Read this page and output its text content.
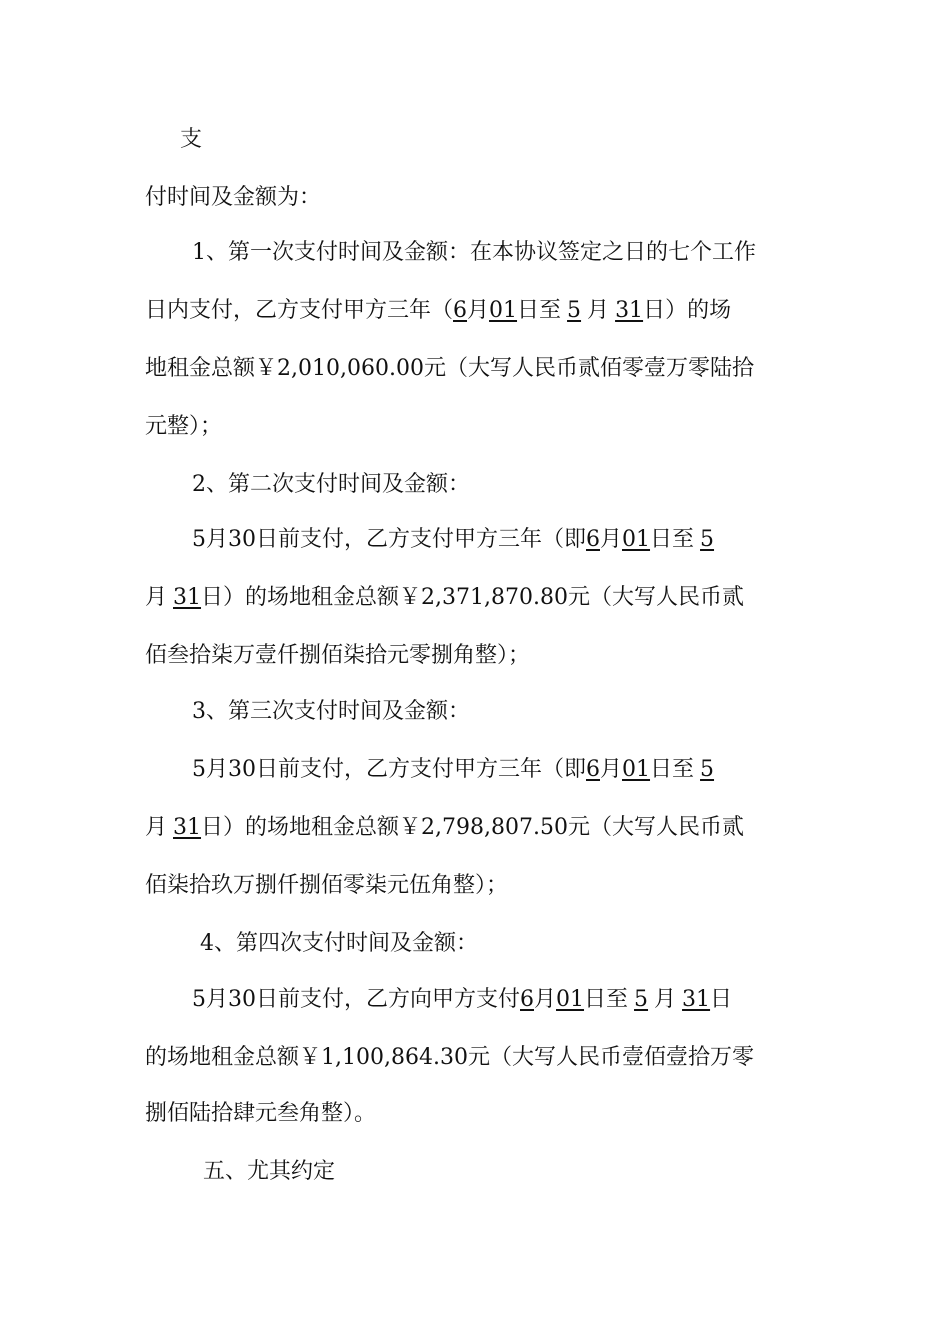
支
付时间及金额为：
1、第一次支付时间及金额：在本协议签定之日的七个工作
日内支付，乙方支付甲方三年（6月01日至 5 月 31日）的场
地租金总额￥2,010,060.00元（大写人民币贰佰零壹万零陆拾
元整）；
2、第二次支付时间及金额：
5月30日前支付，乙方支付甲方三年（即6月01日至 5
月 31日）的场地租金总额￥2,371,870.80元（大写人民币贰
佰叁拾柒万壹仟捌佰柒拾元零捌角整）；
3、第三次支付时间及金额：
5月30日前支付，乙方支付甲方三年（即6月01日至 5
月 31日）的场地租金总额￥2,798,807.50元（大写人民币贰
佰柒拾玖万捌仟捌佰零柒元伍角整）；
4、第四次支付时间及金额：
5月30日前支付，乙方向甲方支付6月01日至 5 月 31日
的场地租金总额￥1,100,864.30元（大写人民币壹佰壹拾万零
捌佰陆拾肆元叁角整）。
五、尤其约定
